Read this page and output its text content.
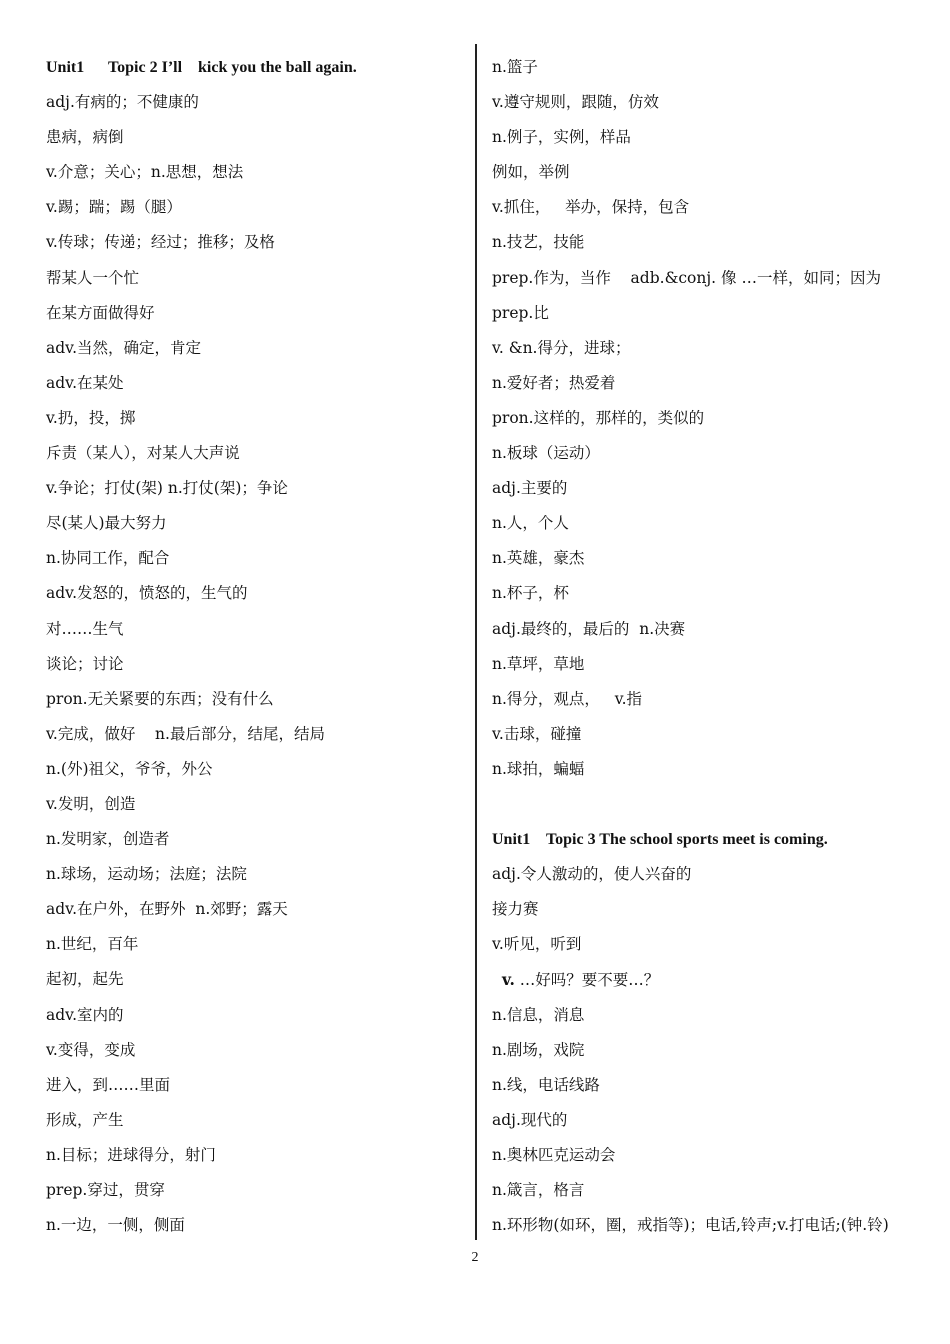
Unit1      Topic 2 I’ll    kick you the ball again.
adj.有病的；不健康的
患病，病倒
v.介意；关心；n.思想，想法
v.踢；踹；踢（腿）
v.传球；传递；经过；推移；及格
帮某人一个忙
在某方面做得好
adv.当然，确定，肯定
adv.在某处
v.扔，投，掷
斥责（某人），对某人大声说
v.争论；打仗(架) n.打仗(架)；争论
尽(某人)最大努力
n.协同工作，配合
adv.发怒的，愤怒的，生气的
对……生气
谈论；讨论
pron.无关紧要的东西；没有什么
v.完成，做好    n.最后部分，结尾，结局
n.(外)祖父，爷爷，外公
v.发明，创造
n.发明家，创造者
n.球场，运动场；法庭；法院
adv.在户外，在野外  n.郊野；露天
n.世纪，百年
起初，起先
adv.室内的
v.变得，变成
进入，到……里面
形成，产生
n.目标；进球得分，射门
prep.穿过，贯穿
n.一边，一侧，侧面
n.篮子
v.遵守规则，跟随，仿效
n.例子，实例，样品
例如，举例
v.抓住，   举办，保持，包含
n.技艺，技能
prep.作为，当作    adb.&conj. 像 …一样，如同；因为
prep.比
v. &n.得分，进球；
n.爱好者；热爱着
pron.这样的，那样的，类似的
n.板球（运动）
adj.主要的
n.人，个人
n.英雄，豪杰
n.杯子，杯
adj.最终的，最后的  n.决赛
n.草坪，草地
n.得分，观点，   v.指
v.击球，碰撞
n.球拍，蝙蝠
Unit1    Topic 3 The school sports meet is coming.
adj.令人激动的，使人兴奋的
接力赛
v.听见，听到
v. …好吗？要不要…？
n.信息，消息
n.剧场，戏院
n.线，电话线路
adj.现代的
n.奥林匹克运动会
n.箴言，格言
n.环形物(如环，圈，戒指等)；电话,铃声;v.打电话;(钟.铃)
2
